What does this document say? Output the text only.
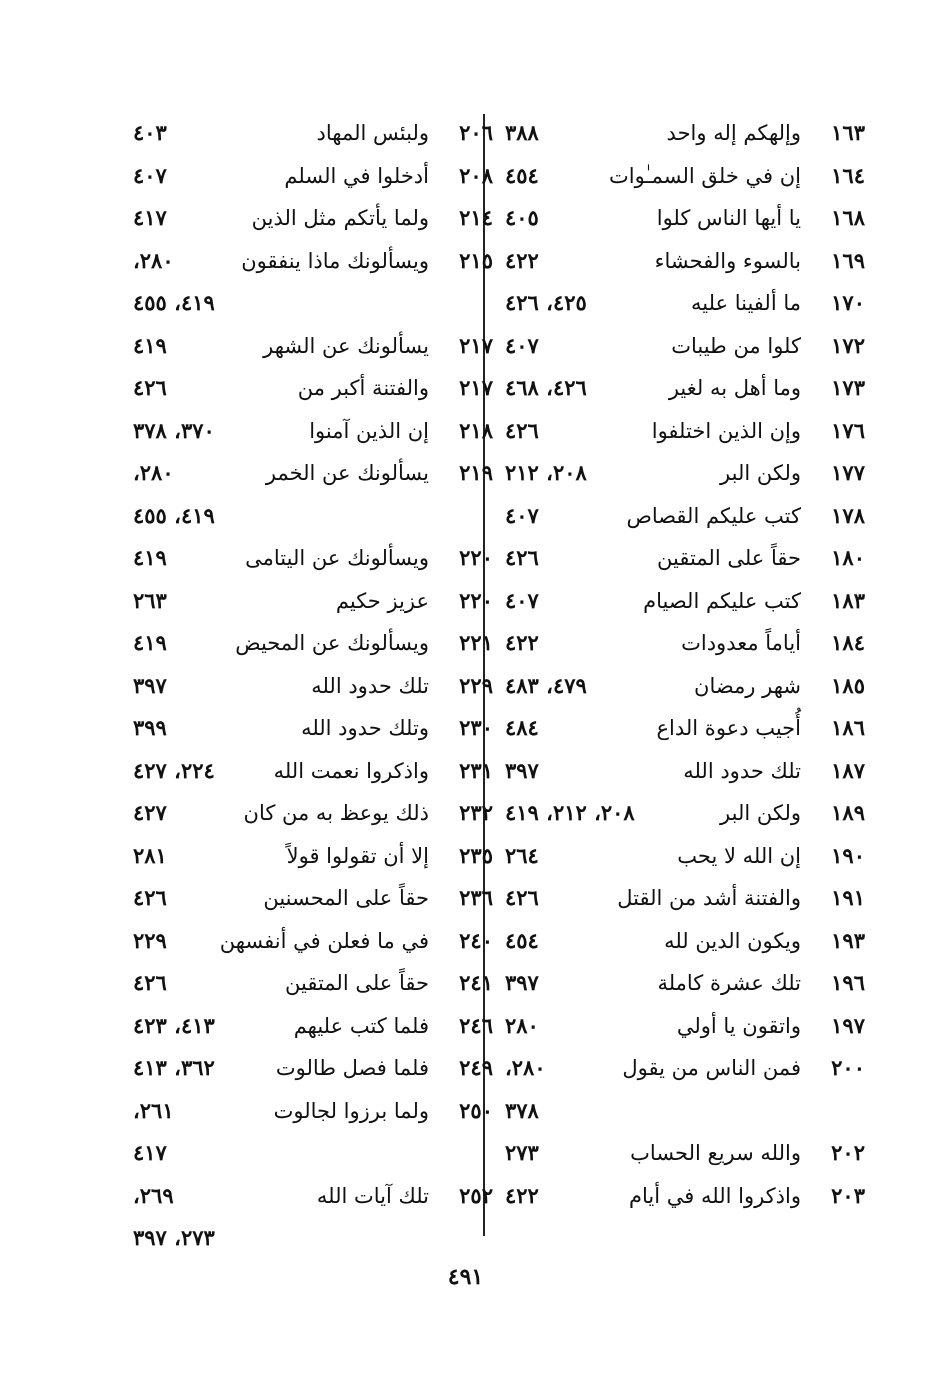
١٦٣
وإلهكم إله واحد
٣٨٨
١٦٤
إن في خلق السمـٰوات
٤٥٤
١٦٨
يا أيها الناس كلوا
٤٠٥
١٦٩
بالسوء والفحشاء
٤٢٢
١٧٠
ما ألفينا عليه
٤٢٥، ٤٢٦
١٧٢
كلوا من طيبات
٤٠٧
١٧٣
وما أهل به لغير
٤٢٦، ٤٦٨
١٧٦
وإن الذين اختلفوا
٤٢٦
١٧٧
ولكن البر
٢٠٨، ٢١٢
١٧٨
كتب عليكم القصاص
٤٠٧
١٨٠
حقاً على المتقين
٤٢٦
١٨٣
كتب عليكم الصيام
٤٠٧
١٨٤
أياماً معدودات
٤٢٢
١٨٥
شهر رمضان
٤٧٩، ٤٨٣
١٨٦
أُجيب دعوة الداع
٤٨٤
١٨٧
تلك حدود الله
٣٩٧
١٨٩
ولكن البر
٢٠٨، ٢١٢، ٤١٩
١٩٠
إن الله لا يحب
٢٦٤
١٩١
والفتنة أشد من القتل
٤٢٦
١٩٣
ويكون الدين لله
٤٥٤
١٩٦
تلك عشرة كاملة
٣٩٧
١٩٧
واتقون يا أولي
٢٨٠
٢٠٠
فمن الناس من يقول
٢٨٠،
٣٧٨
٢٠٢
والله سريع الحساب
٢٧٣
٢٠٣
واذكروا الله في أيام
٤٢٢
٢٠٦
ولبئس المهاد
٤٠٣
٢٠٨
أدخلوا في السلم
٤٠٧
٢١٤
ولما يأتكم مثل الذين
٤١٧
٢١٥
ويسألونك ماذا ينفقون
٢٨٠،
٤١٩، ٤٥٥
٢١٧
يسألونك عن الشهر
٤١٩
٢١٧
والفتنة أكبر من
٤٢٦
٢١٨
إن الذين آمنوا
٣٧٠، ٣٧٨
٢١٩
يسألونك عن الخمر
٢٨٠،
٤١٩، ٤٥٥
٢٢٠
ويسألونك عن اليتامى
٤١٩
٢٢٠
عزيز حكيم
٢٦٣
٢٢١
ويسألونك عن المحيض
٤١٩
٢٢٩
تلك حدود الله
٣٩٧
٢٣٠
وتلك حدود الله
٣٩٩
٢٣١
واذكروا نعمت الله
٢٢٤، ٤٢٧
٢٣٢
ذلك يوعظ به من كان
٤٢٧
٢٣٥
إلا أن تقولوا قولاً
٢٨١
٢٣٦
حقاً على المحسنين
٤٢٦
٢٤٠
في ما فعلن في أنفسهن
٢٢٩
٢٤١
حقاً على المتقين
٤٢٦
٢٤٦
فلما كتب عليهم
٤١٣، ٤٢٣
٢٤٩
فلما فصل طالوت
٣٦٢، ٤١٣
٢٥٠
ولما برزوا لجالوت
٢٦١،
٤١٧
٢٥٢
تلك آيات الله
٢٦٩،
٢٧٣، ٣٩٧
٤٩١
